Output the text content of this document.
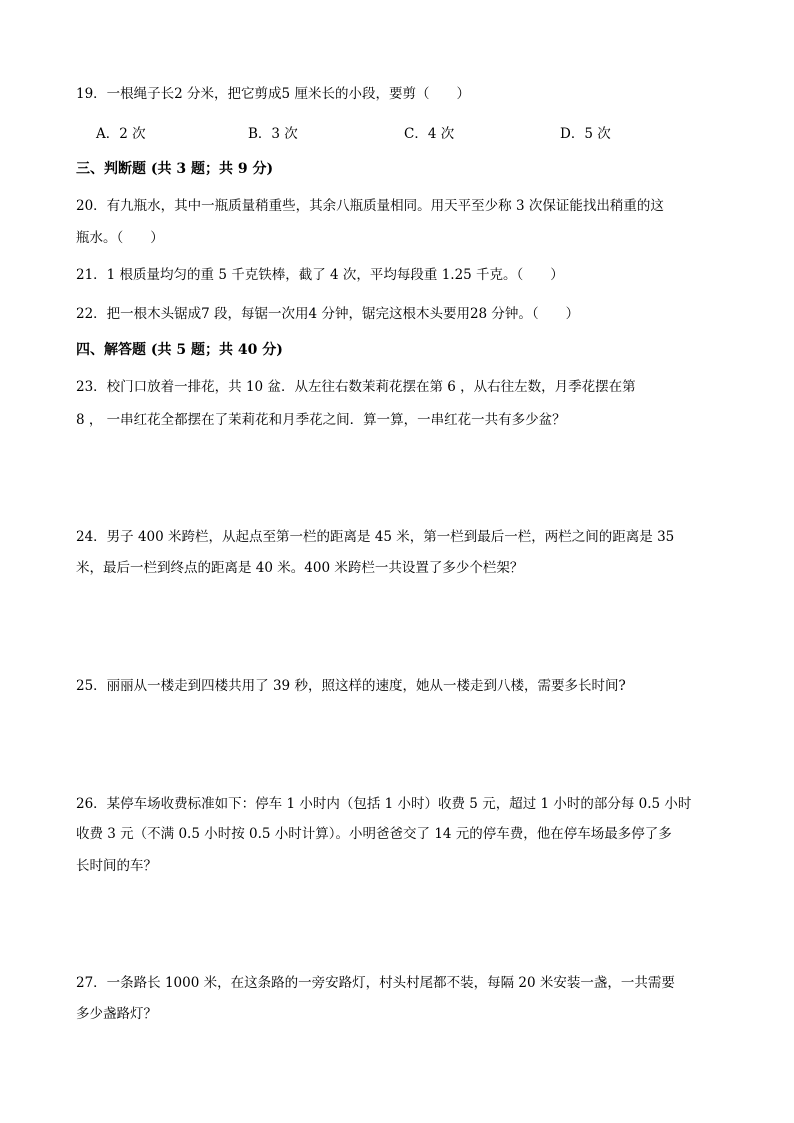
19．一根绳子长2 分米，把它剪成5 厘米长的小段，要剪（　　）
A．2 次	B．3 次	C．4 次	D．5 次
三、判断题 (共 3 题；共 9 分)
20．有九瓶水，其中一瓶质量稍重些，其余八瓶质量相同。用天平至少称 3 次保证能找出稍重的这
瓶水。（　　）
21．1 根质量均匀的重 5 千克铁棒，截了 4 次，平均每段重 1.25 千克。（　　）
22．把一根木头锯成7 段，每锯一次用4 分钟，锯完这根木头要用28 分钟。（　　）
四、解答题 (共 5 题；共 40 分)
23．校门口放着一排花，共 10 盆．从左往右数茉莉花摆在第 6 ，从右往左数，月季花摆在第
8 ， 一串红花全都摆在了茉莉花和月季花之间．算一算，一串红花一共有多少盆？
24．男子 400 米跨栏，从起点至第一栏的距离是 45 米，第一栏到最后一栏，两栏之间的距离是 35
米，最后一栏到终点的距离是 40 米。400 米跨栏一共设置了多少个栏架？
25．丽丽从一楼走到四楼共用了 39 秒，照这样的速度，她从一楼走到八楼，需要多长时间?
26．某停车场收费标准如下：停车 1 小时内（包括 1 小时）收费 5 元，超过 1 小时的部分每 0.5 小时
收费 3 元（不满 0.5 小时按 0.5 小时计算）。小明爸爸交了 14 元的停车费，他在停车场最多停了多
长时间的车？
27．一条路长 1000 米，在这条路的一旁安路灯，村头村尾都不装，每隔 20 米安装一盏，一共需要
多少盏路灯？
